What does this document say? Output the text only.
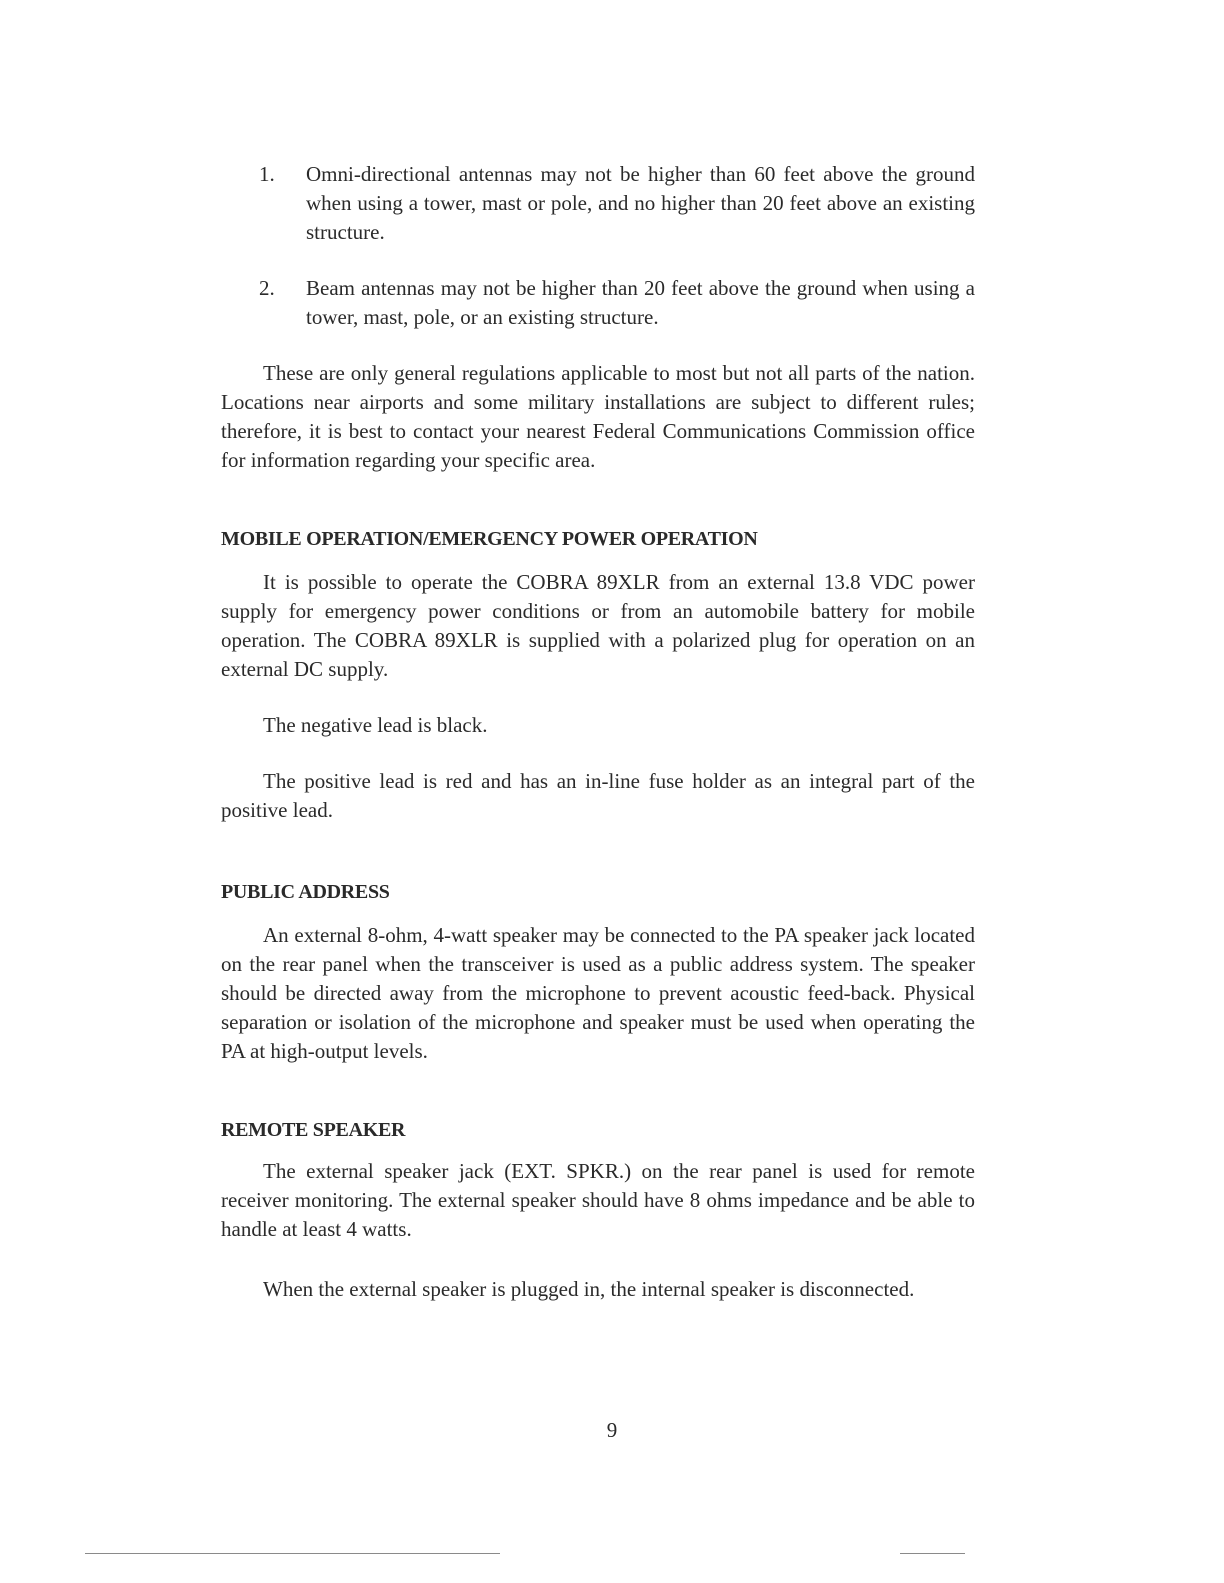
1. Omni-directional antennas may not be higher than 60 feet above the ground when using a tower, mast or pole, and no higher than 20 feet above an existing structure.
2. Beam antennas may not be higher than 20 feet above the ground when using a tower, mast, pole, or an existing structure.

These are only general regulations applicable to most but not all parts of the nation. Locations near airports and some military installations are subject to different rules; therefore, it is best to contact your nearest Federal Communications Commission office for information regarding your specific area.

MOBILE OPERATION/EMERGENCY POWER OPERATION

It is possible to operate the COBRA 89XLR from an external 13.8 VDC power supply for emergency power conditions or from an automobile battery for mobile operation. The COBRA 89XLR is supplied with a polarized plug for operation on an external DC supply.

The negative lead is black.

The positive lead is red and has an in-line fuse holder as an integral part of the positive lead.

PUBLIC ADDRESS

An external 8-ohm, 4-watt speaker may be connected to the PA speaker jack located on the rear panel when the transceiver is used as a public address system. The speaker should be directed away from the microphone to prevent acoustic feed-back. Physical separation or isolation of the microphone and speaker must be used when operating the PA at high-output levels.

REMOTE SPEAKER

The external speaker jack (EXT. SPKR.) on the rear panel is used for remote receiver monitoring. The external speaker should have 8 ohms impedance and be able to handle at least 4 watts.

When the external speaker is plugged in, the internal speaker is disconnected.

9
